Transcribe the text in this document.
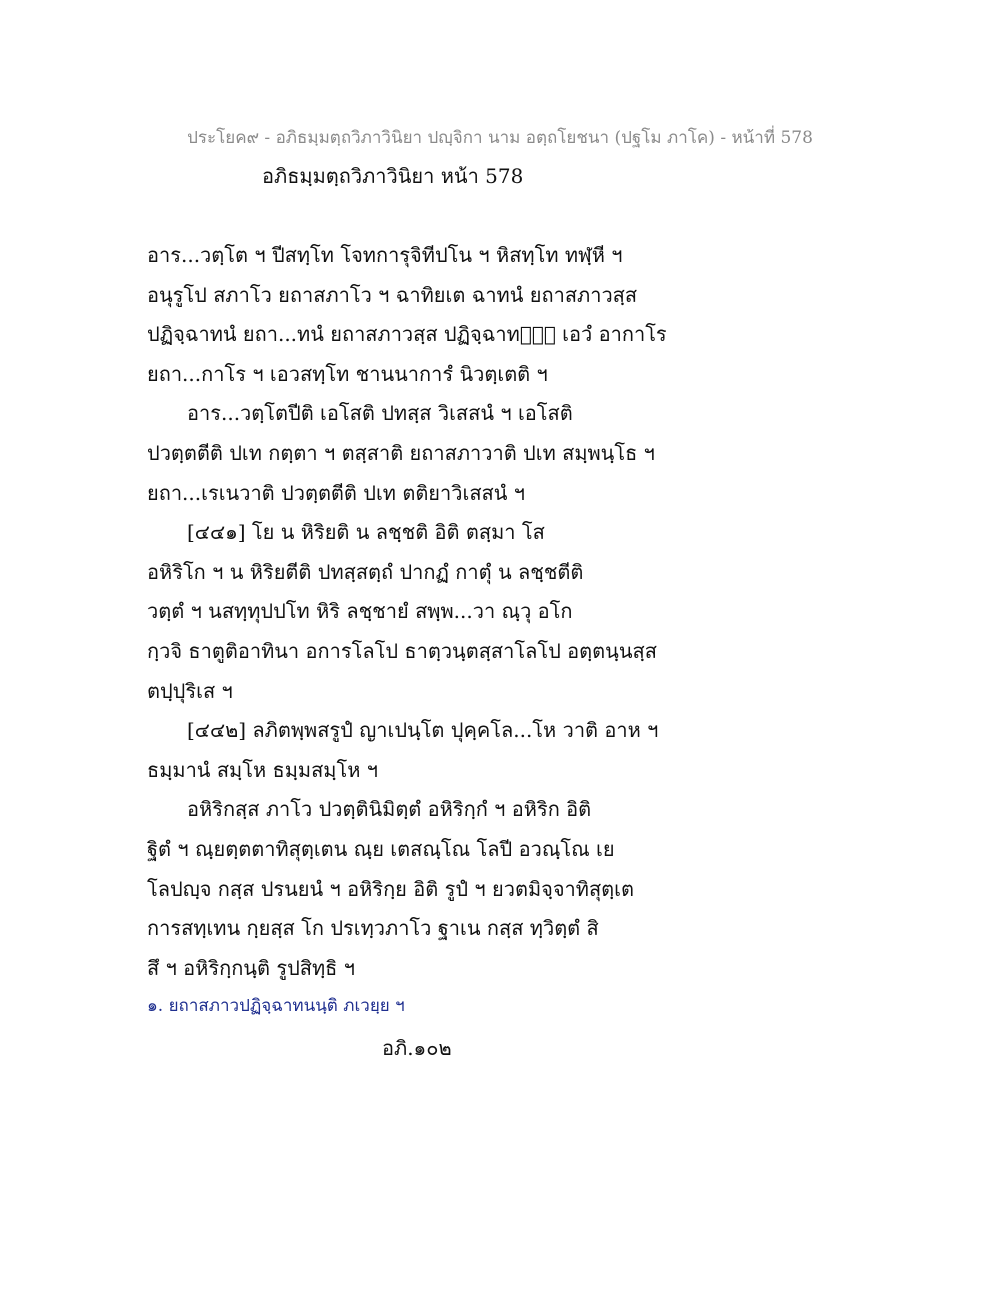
ประโยค๙ - อภิธมฺมตฺถวิภาวินิยา ปญฺจิกา นาม อตฺถโยชนา (ปฐโม ภาโค) - หน้าที่ 578
อภิธมฺมตฺถวิภาวินิยา หน้า 578
อาร...วตฺโต ฯ ปีสทฺโท โจทการุจิทีปโน ฯ หิสทฺโท ทฬฺหี ฯ
อนุรูโป สภาโว ยถาสภาโว ฯ ฉาทิยเต ฉาทนํ ยถาสภาวสฺส
ปฏิจฺฉาทนํ ยถา...ทนํ ยถาสภาวสฺส ปฏิจฺฉาทนํ᳞ เอวํ อากาโร
ยถา...กาโร ฯ เอวสทฺโท ชานนาการํ นิวตฺเตติ ฯ
อาร...วตฺโตปีติ เอโสติ ปทสฺส วิเสสนํ ฯ เอโสติ
ปวตฺตตีติ ปเท กตฺตา ฯ ตสฺสาติ ยถาสภาวาติ ปเท สมฺพนฺโธ ฯ
ยถา...เรเนวาติ ปวตฺตตีติ ปเท ตติยาวิเสสนํ ฯ
[๔๔๑] โย น หิริยติ น ลชฺชติ อิติ ตสฺมา โส
อหิริโก ฯ น หิริยตีติ ปทสฺสตฺถํ ปากฏํ กาตุํ น ลชฺชตีติ
วตฺตํ ฯ นสทฺทุปปโท หิริ ลชฺชายํ สพฺพ...วา ณฺวุ อโก
กฺวจิ ธาตูติอาทินา อการโลโป ธาตฺวนฺตสฺสาโลโป อตฺตนฺนสฺส
ตปฺปุริเส ฯ
[๔๔๒] ลภิตพฺพสรูปํ ญาเปนฺโต ปุคฺคโล...โห วาติ อาห ฯ
ธมฺมานํ สมฺโห ธมฺมสมฺโห ฯ
อหิริกสฺส ภาโว ปวตฺตินิมิตฺตํ อหิริกฺกํ ฯ อหิริก อิติ
ฐิตํ ฯ ณฺยตฺตตาทิสุตฺเตน ณฺย เตสณฺโณ โลปี อวณฺโณ เย
โลปญฺจ กสฺส ปรนยนํ ฯ อหิริกฺย อิติ รูปํ ฯ ยวตมิจฺจาทิสุตฺเต
การสทฺเทน กฺยสฺส โก ปรเทฺวภาโว ฐาเน กสฺส ทฺวิตฺตํ สิ
สึ ฯ อหิริกฺกนฺติ รูปสิทฺธิ ฯ
๑. ยถาสภาวปฏิจฺฉาทนนฺติ ภเวยฺย ฯ
อภิ.๑๐๒
